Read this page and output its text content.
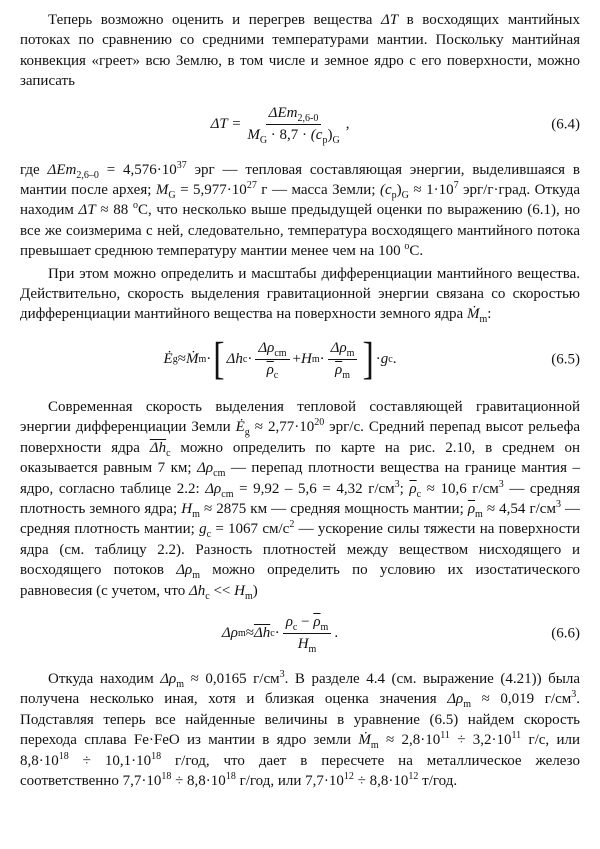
Теперь возможно оценить и перегрев вещества ΔT в восходящих мантийных потоках по сравнению со средними температурами мантии. Поскольку мантийная конвекция «греет» всю Землю, в том числе и земное ядро с его поверхности, можно записать

$\Delta T = \frac{\Delta Em_{2,6-0}}{M_G \cdot 8,7 \cdot (c_p)_G}$ ,	(6.4)

где $\Delta Em_{2,6-0} = 4,576\cdot 10^{37}$ эрг — тепловая составляющая энергии, выделившаяся в мантии после архея; $M_G = 5,977\cdot 10^{27}$ г — масса Земли; $(c_p)_G \approx 1\cdot 10^7$ эрг/г·град. Откуда находим ΔT ≈ 88 $^o$С, что несколько выше предыдущей оценки по выражению (6.1), но все же соизмерима с ней, следовательно, температура восходящего мантийного потока превышает среднюю температуру мантии менее чем на 100 $^o$С.

При этом можно определить и масштабы дифференциации мантийного вещества. Действительно, скорость выделения гравитационной энергии связана со скоростью дифференциации мантийного вещества на поверхности земного ядра Ṁ$_m$:

Ė g ≈ Ṁ m · [ Δh $c \cdot \frac{\Delta\rho_{cm}}{\overline{\rho}_c} + H$ $m \cdot \frac{\Delta\rho_m}{\overline{\rho}_m}$ ] · g c .	(6.5)

Современная скорость выделения тепловой составляющей гравитационной энергии дифференциации Земли $Ė_g \approx 2,77\cdot 10^{20}$ эрг/с. Средний перепад высот рельефа поверхности ядра $\overline{\Delta h}_c$ можно определить по карте на рис. 2.10, в среднем он оказывается равным 7 км; $\Delta\rho_{cm}$ — перепад плотности вещества на границе мантия – ядро, согласно таблице 2.2: $\Delta\rho_{cm} = 9,92 - 5,6 = 4,32$ $г/см^3$; $\overline{\rho}_c \approx 10,6$ $г/см^3$ — средняя плотность земного ядра; $H_m \approx 2875$ км — средняя мощность мантии; $\overline{\rho}_m \approx 4,54$ $г/см^3$ — средняя плотность мантии; $g_c = 1067$ $см/с^2$ — ускорение силы тяжести на поверхности ядра (см. таблицу 2.2). Разность плотностей между веществом нисходящего и восходящего потоков $\Delta\rho_m$ можно определить по условию их изостатического равновесия (с учетом, что $\Delta h_c << H_m$)

Δρ $m \approx \overline{\Delta h}$ $c \cdot \frac{\rho_c - \overline{\rho}_m}{H_m}$ .	(6.6)

Откуда находим $\Delta\rho_m \approx 0,0165$ $г/см^3$. В разделе 4.4 (см. выражение (4.21)) была получена несколько иная, хотя и близкая оценка значения $\Delta\rho_m \approx 0,019$ $г/см^3$. Подставляя теперь все найденные величины в уравнение (6.5) найдем скорость перехода сплава Fe·FeO из мантии в ядро земли Ṁ$_m$ ≈ $2,8\cdot 10^{11} \div 3,2\cdot 10^{11}$ г/с, или $8,8\cdot 10^{18} \div 10,1\cdot 10^{18}$ г/год, что дает в пересчете на металлическое железо соответственно $7,7\cdot 10^{18} \div 8,8\cdot 10^{18}$ г/год, или $7,7\cdot 10^{12} \div 8,8\cdot 10^{12}$ т/год.
